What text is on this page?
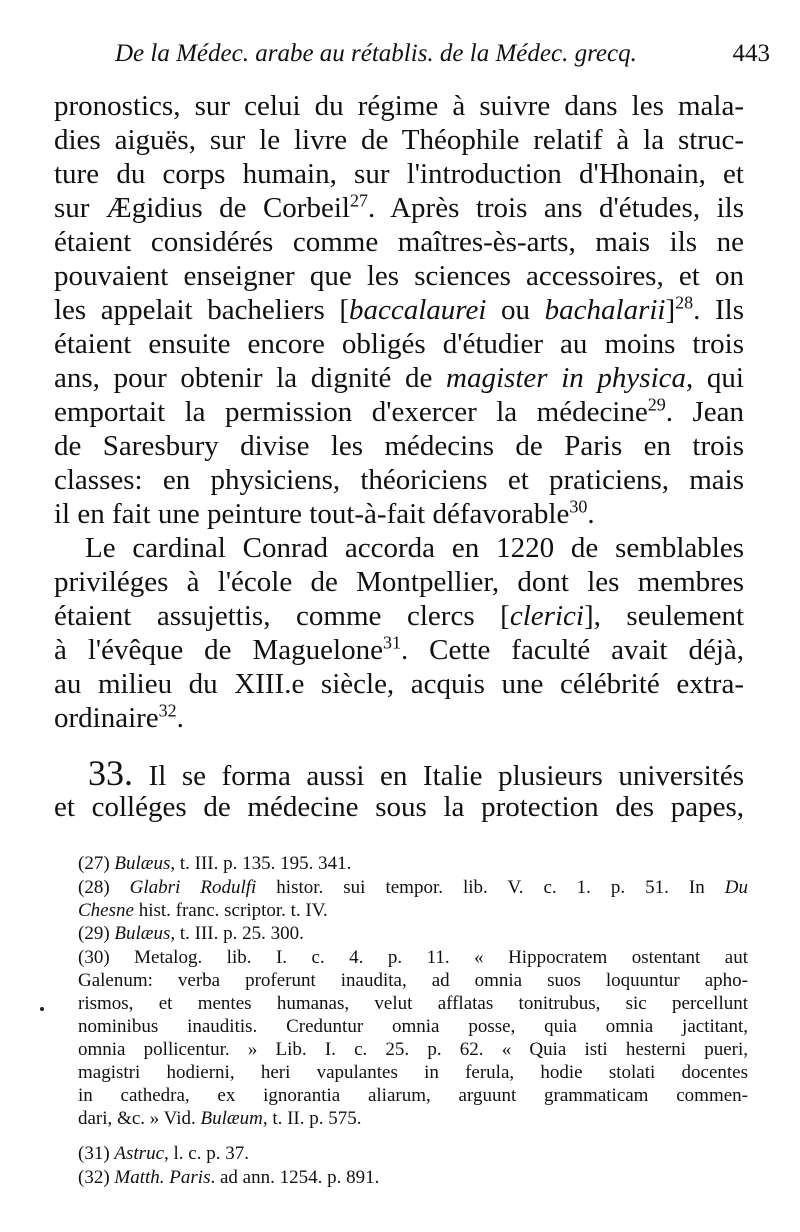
De la Médec. arabe au rétablis. de la Médec. grecq.	443
pronostics, sur celui du régime à suivre dans les mala-
dies aiguës, sur le livre de Théophile relatif à la struc-
ture du corps humain, sur l'introduction d'Hhonain, et
sur Ægidius de Corbeil$^{27}$. Après trois ans d'études, ils
étaient considérés comme maîtres-ès-arts, mais ils ne
pouvaient enseigner que les sciences accessoires, et on
les appelait bacheliers [baccalaurei ou bachalarii]$^{28}$. Ils
étaient ensuite encore obligés d'étudier au moins trois
ans, pour obtenir la dignité de magister in physica, qui
emportait la permission d'exercer la médecine$^{29}$. Jean
de Saresbury divise les médecins de Paris en trois
classes: en physiciens, théoriciens et praticiens, mais
il en fait une peinture tout-à-fait défavorable$^{30}$.
Le cardinal Conrad accorda en 1220 de semblables
priviléges à l'école de Montpellier, dont les membres
étaient assujettis, comme clercs [clerici], seulement
à l'évêque de Maguelone$^{31}$. Cette faculté avait déjà,
au milieu du XIII.e siècle, acquis une célébrité extra-
ordinaire$^{32}$.
33. Il se forma aussi en Italie plusieurs universités
et colléges de médecine sous la protection des papes,
(27) Bulæus, t. III. p. 135. 195. 341.
(28) Glabri Rodulfi histor. sui tempor. lib. V. c. 1. p. 51. In Du
Chesne hist. franc. scriptor. t. IV.
(29) Bulæus, t. III. p. 25. 300.
(30) Metalog. lib. I. c. 4. p. 11. « Hippocratem ostentant aut
Galenum: verba proferunt inaudita, ad omnia suos loquuntur apho-
rismos, et mentes humanas, velut afflatas tonitrubus, sic percellunt
nominibus inauditis. Creduntur omnia posse, quia omnia jactitant,
omnia pollicentur. » Lib. I. c. 25. p. 62. « Quia isti hesterni pueri,
magistri hodierni, heri vapulantes in ferula, hodie stolati docentes
in cathedra, ex ignorantia aliarum, arguunt grammaticam commen-
dari, &c. » Vid. Bulæum, t. II. p. 575.
(31) Astruc, l. c. p. 37.
(32) Matth. Paris. ad ann. 1254. p. 891.
